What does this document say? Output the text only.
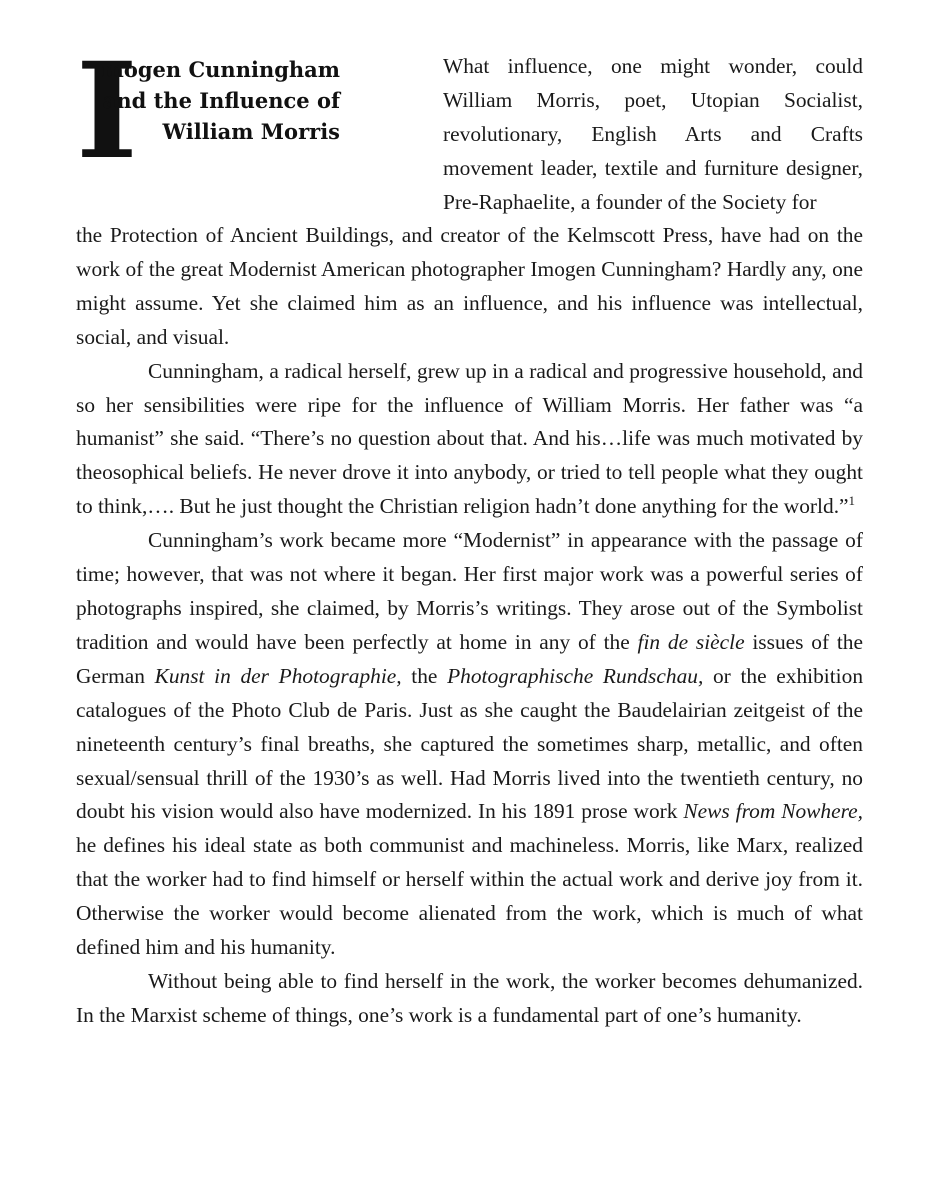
I
mogen Cunningham
and the Influence of
William Morris

What influence, one might wonder, could William Morris, poet, Utopian Socialist, revolutionary, English Arts and Crafts movement leader, textile and furniture designer, Pre-Raphaelite, a founder of the Society for

the Protection of Ancient Buildings, and creator of the Kelmscott Press, have had on the work of the great Modernist American photographer Imogen Cunningham? Hardly any, one might assume. Yet she claimed him as an influence, and his influence was intellectual, social, and visual.

Cunningham, a radical herself, grew up in a radical and progressive household, and so her sensibilities were ripe for the influence of William Morris. Her father was “a humanist” she said. “There’s no question about that. And his…life was much motivated by theosophical beliefs. He never drove it into anybody, or tried to tell people what they ought to think,…. But he just thought the Christian religion hadn’t done anything for the world.”$^1$

Cunningham’s work became more “Modernist” in appearance with the passage of time; however, that was not where it began. Her first major work was a powerful series of photographs inspired, she claimed, by Morris’s writings. They arose out of the Symbolist tradition and would have been perfectly at home in any of the fin de siècle issues of the German Kunst in der Photographie, the Photographische Rundschau, or the exhibition catalogues of the Photo Club de Paris. Just as she caught the Baudelairian zeitgeist of the nineteenth century’s final breaths, she captured the sometimes sharp, metallic, and often sexual/sensual thrill of the 1930’s as well. Had Morris lived into the twentieth century, no doubt his vision would also have modernized. In his 1891 prose work News from Nowhere, he defines his ideal state as both communist and machineless. Morris, like Marx, realized that the worker had to find himself or herself within the actual work and derive joy from it. Otherwise the worker would become alienated from the work, which is much of what defined him and his humanity.

Without being able to find herself in the work, the worker becomes dehumanized. In the Marxist scheme of things, one’s work is a fundamental part of one’s humanity.
